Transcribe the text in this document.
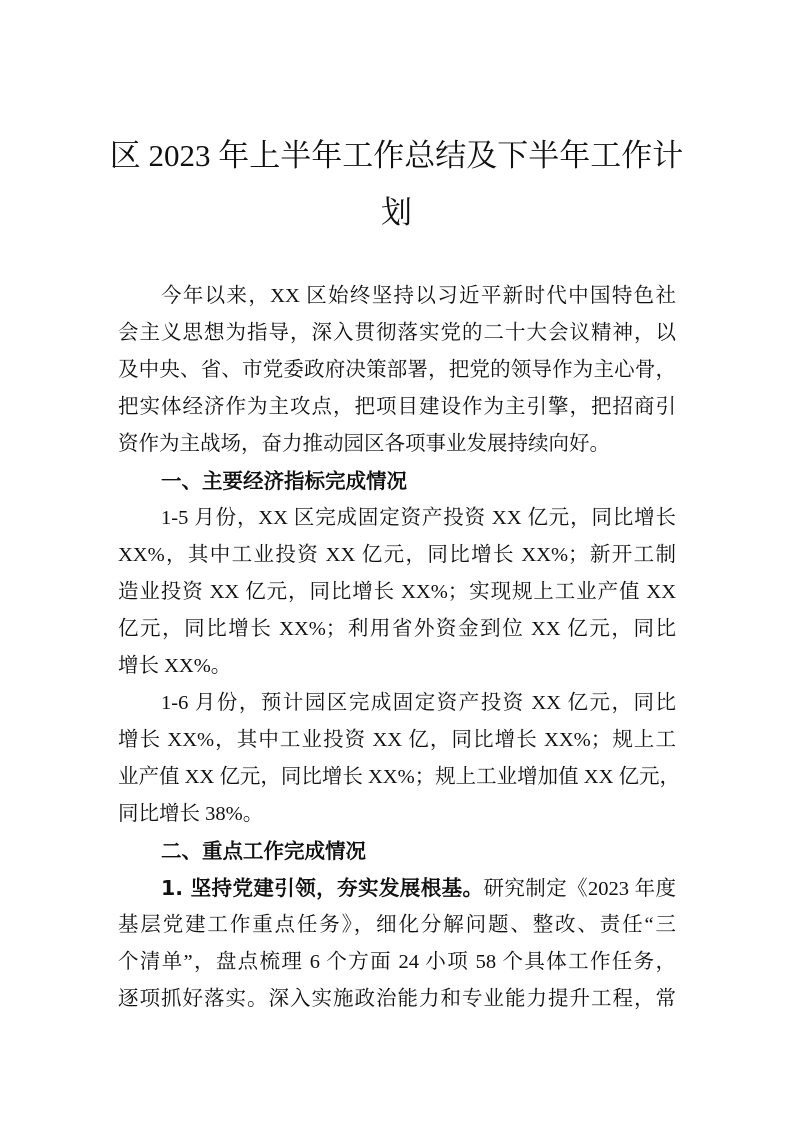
区 2023 年上半年工作总结及下半年工作计
划
今年以来，XX 区始终坚持以习近平新时代中国特色社
会主义思想为指导，深入贯彻落实党的二十大会议精神，以
及中央、省、市党委政府决策部署，把党的领导作为主心骨，
把实体经济作为主攻点，把项目建设作为主引擎，把招商引
资作为主战场，奋力推动园区各项事业发展持续向好。
一、主要经济指标完成情况
1-5 月份，XX 区完成固定资产投资 XX 亿元，同比增长
XX%，其中工业投资 XX 亿元，同比增长 XX%；新开工制
造业投资 XX 亿元，同比增长 XX%；实现规上工业产值 XX
亿元，同比增长 XX%；利用省外资金到位 XX 亿元，同比
增长 XX%。
1-6 月份，预计园区完成固定资产投资 XX 亿元，同比
增长 XX%，其中工业投资 XX 亿，同比增长 XX%；规上工
业产值 XX 亿元，同比增长 XX%；规上工业增加值 XX 亿元，
同比增长 38%。
二、重点工作完成情况
1. 坚持党建引领，夯实发展根基。研究制定《2023 年度
基层党建工作重点任务》，细化分解问题、整改、责任“三
个清单”，盘点梳理 6 个方面 24 小项 58 个具体工作任务，
逐项抓好落实。深入实施政治能力和专业能力提升工程，常
